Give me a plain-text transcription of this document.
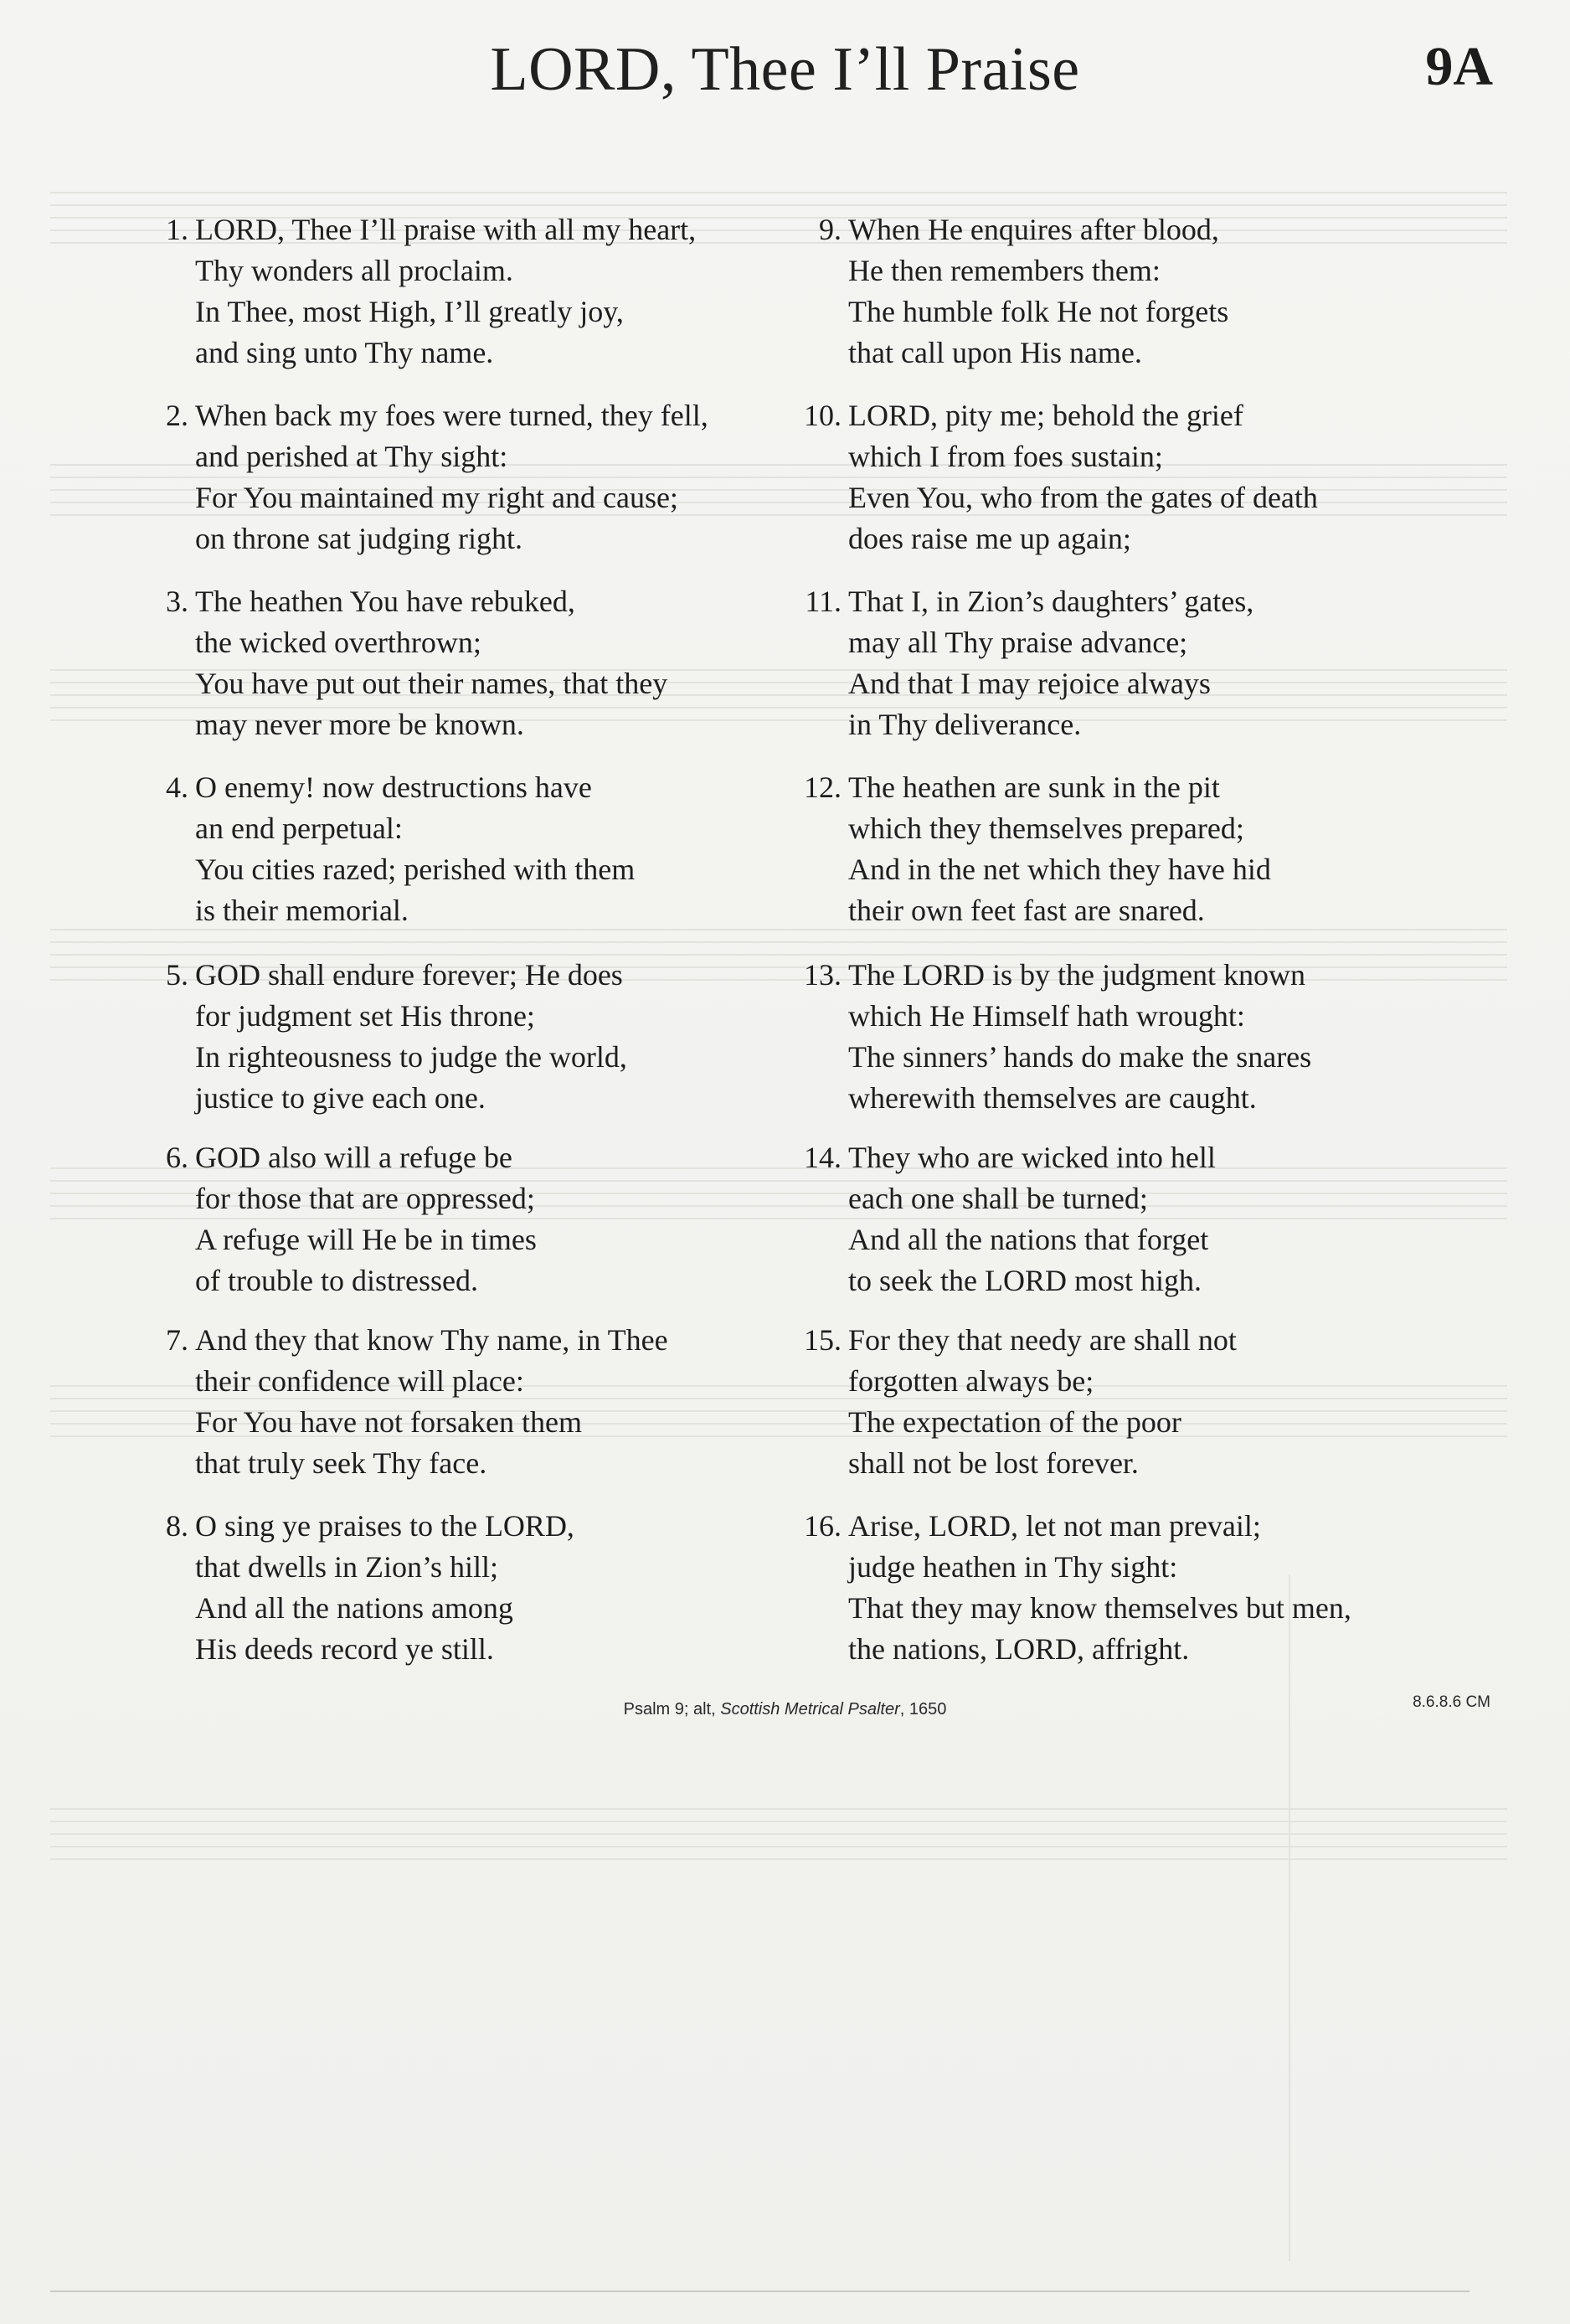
LORD, Thee I’ll Praise	9A
1. LORD, Thee I’ll praise with all my heart,
Thy wonders all proclaim.
In Thee, most High, I’ll greatly joy,
and sing unto Thy name.
2. When back my foes were turned, they fell,
and perished at Thy sight:
For You maintained my right and cause;
on throne sat judging right.
3. The heathen You have rebuked,
the wicked overthrown;
You have put out their names, that they
may never more be known.
4. O enemy! now destructions have
an end perpetual:
You cities razed; perished with them
is their memorial.
5. GOD shall endure forever; He does
for judgment set His throne;
In righteousness to judge the world,
justice to give each one.
6. GOD also will a refuge be
for those that are oppressed;
A refuge will He be in times
of trouble to distressed.
7. And they that know Thy name, in Thee
their confidence will place:
For You have not forsaken them
that truly seek Thy face.
8. O sing ye praises to the LORD,
that dwells in Zion’s hill;
And all the nations among
His deeds record ye still.
9. When He enquires after blood,
He then remembers them:
The humble folk He not forgets
that call upon His name.
10. LORD, pity me; behold the grief
which I from foes sustain;
Even You, who from the gates of death
does raise me up again;
11. That I, in Zion’s daughters’ gates,
may all Thy praise advance;
And that I may rejoice always
in Thy deliverance.
12. The heathen are sunk in the pit
which they themselves prepared;
And in the net which they have hid
their own feet fast are snared.
13. The LORD is by the judgment known
which He Himself hath wrought:
The sinners’ hands do make the snares
wherewith themselves are caught.
14. They who are wicked into hell
each one shall be turned;
And all the nations that forget
to seek the LORD most high.
15. For they that needy are shall not
forgotten always be;
The expectation of the poor
shall not be lost forever.
16. Arise, LORD, let not man prevail;
judge heathen in Thy sight:
That they may know themselves but men,
the nations, LORD, affright.
Psalm 9; alt, Scottish Metrical Psalter, 1650	8.6.8.6 CM
